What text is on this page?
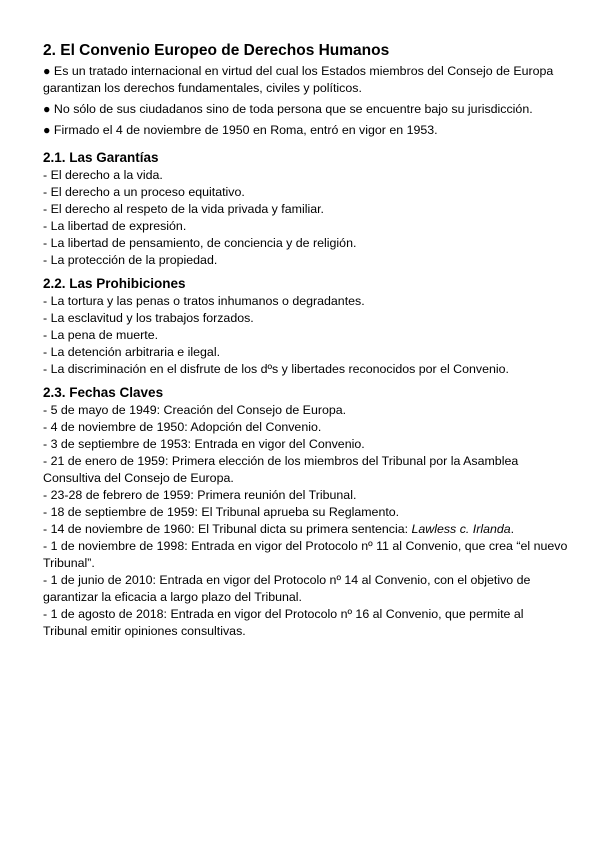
2. El Convenio Europeo de Derechos Humanos
● Es un tratado internacional en virtud del cual los Estados miembros del Consejo de Europa garantizan los derechos fundamentales, civiles y políticos.
● No sólo de sus ciudadanos sino de toda persona que se encuentre bajo su jurisdicción.
● Firmado el 4 de noviembre de 1950 en Roma, entró en vigor en 1953.
2.1. Las Garantías
- El derecho a la vida.
- El derecho a un proceso equitativo.
- El derecho al respeto de la vida privada y familiar.
- La libertad de expresión.
- La libertad de pensamiento, de conciencia y de religión.
- La protección de la propiedad.
2.2. Las Prohibiciones
- La tortura y las penas o tratos inhumanos o degradantes.
- La esclavitud y los trabajos forzados.
- La pena de muerte.
- La detención arbitraria e ilegal.
- La discriminación en el disfrute de los dºs y libertades reconocidos por el Convenio.
2.3. Fechas Claves
- 5 de mayo de 1949: Creación del Consejo de Europa.
- 4 de noviembre de 1950: Adopción del Convenio.
- 3 de septiembre de 1953: Entrada en vigor del Convenio.
- 21 de enero de 1959: Primera elección de los miembros del Tribunal por la Asamblea Consultiva del Consejo de Europa.
- 23-28 de febrero de 1959: Primera reunión del Tribunal.
- 18 de septiembre de 1959: El Tribunal aprueba su Reglamento.
- 14 de noviembre de 1960: El Tribunal dicta su primera sentencia: Lawless c. Irlanda.
- 1 de noviembre de 1998: Entrada en vigor del Protocolo nº 11 al Convenio, que crea “el nuevo Tribunal”.
- 1 de junio de 2010: Entrada en vigor del Protocolo nº 14 al Convenio, con el objetivo de garantizar la eficacia a largo plazo del Tribunal.
- 1 de agosto de 2018: Entrada en vigor del Protocolo nº 16 al Convenio, que permite al Tribunal emitir opiniones consultivas.
